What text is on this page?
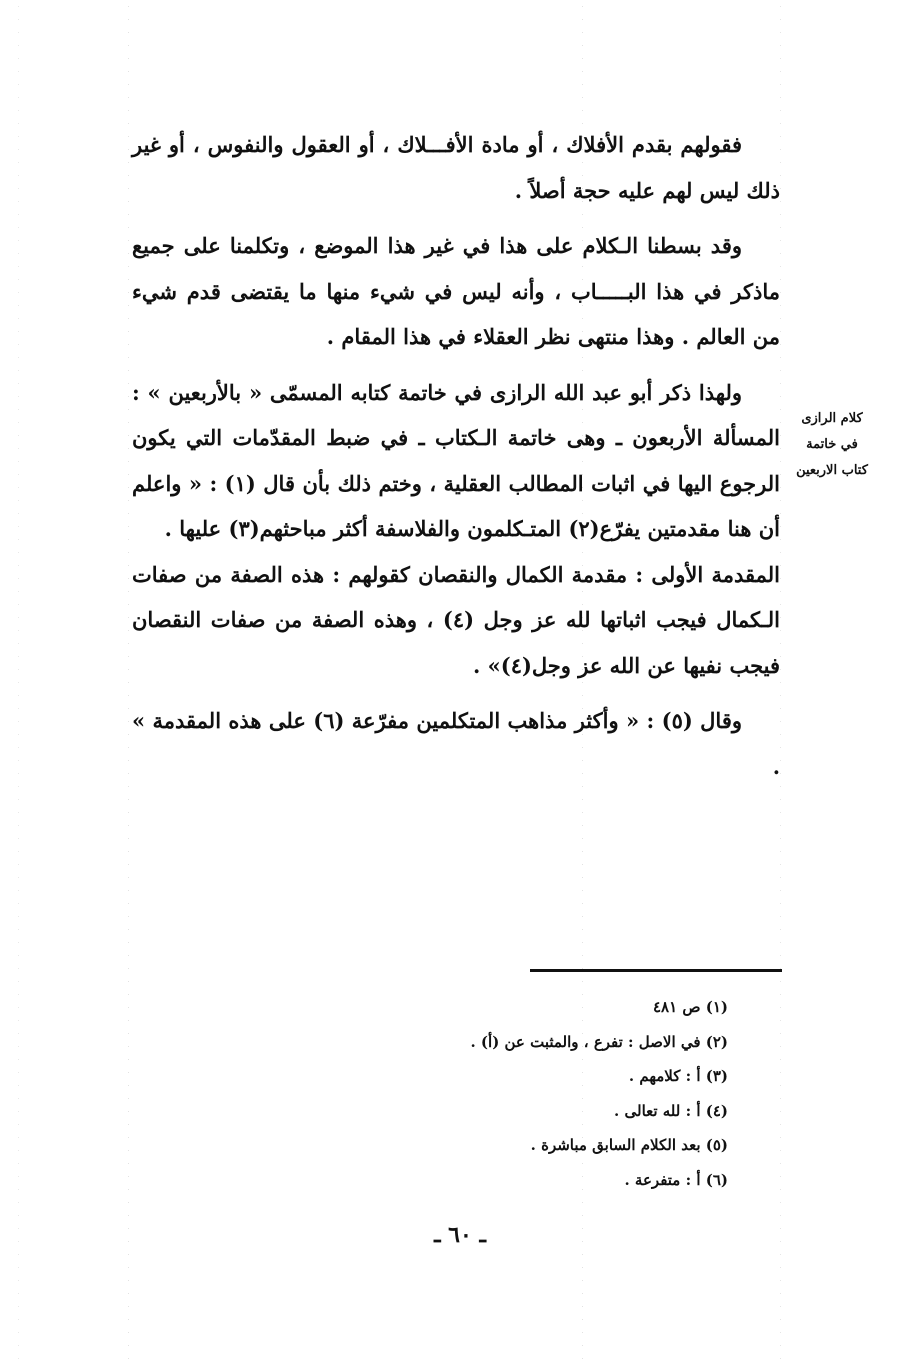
فقولهم بقدم الأفلاك ، أو مادة الأفـــلاك ، أو العقول والنفوس ، أو غير ذلك ليس لهم عليه حجة أصلاً .

وقد بسطنا الـكلام على هذا في غير هذا الموضع ، وتكلمنا على جميع ماذكر في هذا البـــــاب ، وأنه ليس في شيء منها ما يقتضى قدم شيء من العالم . وهذا منتهى نظر العقلاء في هذا المقام .

ولهذا ذكر أبو عبد الله الرازى في خاتمة كتابه المسمّى « بالأربعين » : المسألة الأربعون ـ وهى خاتمة الـكتاب ـ في ضبط المقدّمات التي يكون الرجوع اليها في اثبات المطالب العقلية ، وختم ذلك بأن قال (١) : « واعلم أن هنا مقدمتين يفرّع(٢) المتـكلمون والفلاسفة أكثر مباحثهم(٣) عليها .

المقدمة الأولى : مقدمة الكمال والنقصان كقولهم : هذه الصفة من صفات الـكمال فيجب اثباتها لله عز وجل (٤) ، وهذه الصفة من صفات النقصان فيجب نفيها عن الله عز وجل(٤)» .

وقال (٥) : « وأكثر مذاهب المتكلمين مفرّعة (٦) على هذه المقدمة » .

كلام الرازى
في خاتمة
كتاب الاربعين
(١) ص ٤٨١
(٢) في الاصل : تفرع ، والمثبت عن (أ) .
(٣) أ : كلامهم .
(٤) أ : لله تعالى .
(٥) بعد الكلام السابق مباشرة .
(٦) أ : متفرعة .
ـ ٦٠ ـ
